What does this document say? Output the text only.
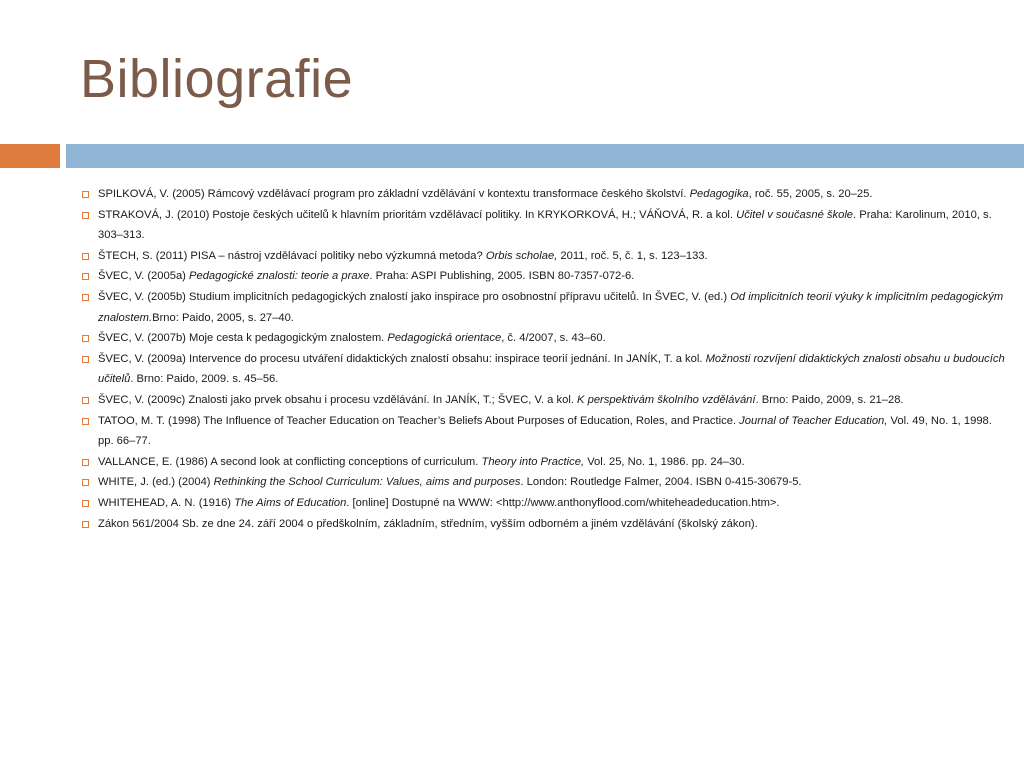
Bibliografie
SPILKOVÁ, V. (2005) Rámcový vzdělávací program pro základní vzdělávání v kontextu transformace českého školství. Pedagogika, roč. 55, 2005, s. 20–25.
STRAKOVÁ, J. (2010) Postoje českých učitelů k hlavním prioritám vzdělávací politiky. In KRYKORKOVÁ, H.; VÁŇOVÁ, R. a kol. Učitel v současné škole. Praha: Karolinum, 2010, s. 303–313.
ŠTECH, S. (2011) PISA – nástroj vzdělávací politiky nebo výzkumná metoda? Orbis scholae, 2011, roč. 5, č. 1, s. 123–133.
ŠVEC, V. (2005a) Pedagogické znalosti: teorie a praxe. Praha: ASPI Publishing, 2005. ISBN 80-7357-072-6.
ŠVEC, V. (2005b) Studium implicitních pedagogických znalostí jako inspirace pro osobnostní přípravu učitelů. In ŠVEC, V. (ed.) Od implicitních teorií výuky k implicitním pedagogickým znalostem.Brno: Paido, 2005, s. 27–40.
ŠVEC, V. (2007b) Moje cesta k pedagogickým znalostem. Pedagogická orientace, č. 4/2007, s. 43–60.
ŠVEC, V. (2009a) Intervence do procesu utváření didaktických znalostí obsahu: inspirace teorií jednání. In JANÍK, T. a kol. Možnosti rozvíjení didaktických znalosti obsahu u budoucích učitelů. Brno: Paido, 2009. s. 45–56.
ŠVEC, V. (2009c) Znalosti jako prvek obsahu i procesu vzdělávání. In JANÍK, T.; ŠVEC, V. a kol. K perspektivám školního vzdělávání. Brno: Paido, 2009, s. 21–28.
TATOO, M. T. (1998) The Influence of Teacher Education on Teacher’s Beliefs About Purposes of Education, Roles, and Practice. Journal of Teacher Education, Vol. 49, No. 1, 1998. pp. 66–77.
VALLANCE, E. (1986) A second look at conflicting conceptions of curriculum. Theory into Practice, Vol. 25, No. 1, 1986. pp. 24–30.
WHITE, J. (ed.) (2004) Rethinking the School Curriculum: Values, aims and purposes. London: Routledge Falmer, 2004. ISBN 0-415-30679-5.
WHITEHEAD, A. N. (1916) The Aims of Education. [online] Dostupné na WWW: <http://www.anthonyflood.com/whiteheadeducation.htm>.
Zákon 561/2004 Sb. ze dne 24. září 2004 o předškolním, základním, středním, vyšším odborném a jiném vzdělávání (školský zákon).
